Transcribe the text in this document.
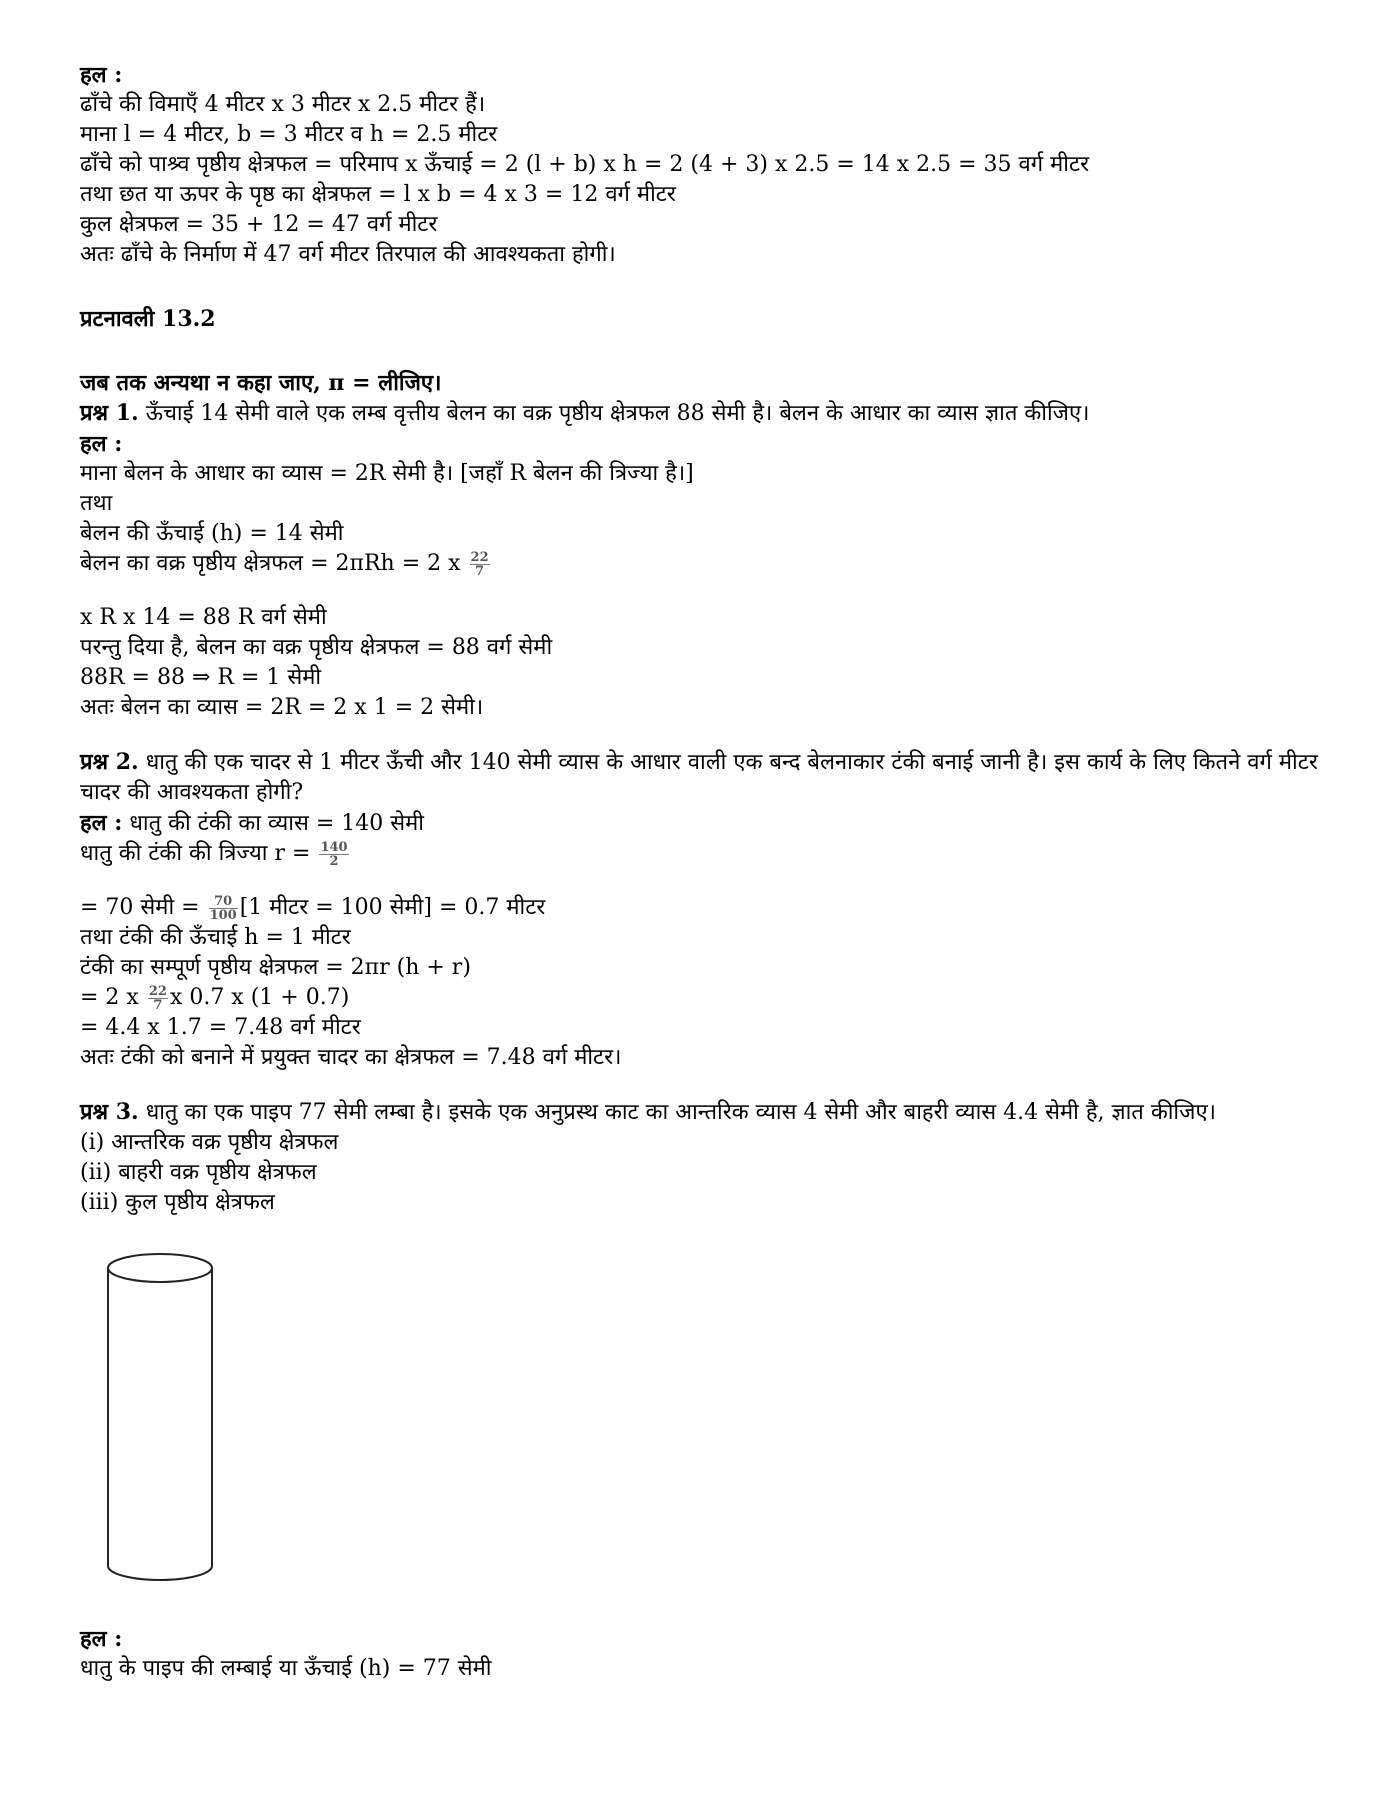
हल :
ढाँचे की विमाएँ 4 मीटर x 3 मीटर x 2.5 मीटर हैं।
माना l = 4 मीटर, b = 3 मीटर व h = 2.5 मीटर
ढाँचे को पाश्र्व पृष्ठीय क्षेत्रफल = परिमाप x ऊँचाई = 2 (l + b) x h = 2 (4 + 3) x 2.5 = 14 x 2.5 = 35 वर्ग मीटर
तथा छत या ऊपर के पृष्ठ का क्षेत्रफल = l x b = 4 x 3 = 12 वर्ग मीटर
कुल क्षेत्रफल = 35 + 12 = 47 वर्ग मीटर
अतः ढाँचे के निर्माण में 47 वर्ग मीटर तिरपाल की आवश्यकता होगी।
प्रटनावली 13.2
जब तक अन्यथा न कहा जाए, π = लीजिए।
प्रश्न 1. ऊँचाई 14 सेमी वाले एक लम्ब वृत्तीय बेलन का वक्र पृष्ठीय क्षेत्रफल 88 सेमी है। बेलन के आधार का व्यास ज्ञात कीजिए।
हल :
माना बेलन के आधार का व्यास = 2R सेमी है। [जहाँ R बेलन की त्रिज्या है।]
तथा
बेलन की ऊँचाई (h) = 14 सेमी
बेलन का वक्र पृष्ठीय क्षेत्रफल = 2πRh = 2 x $\frac{22}{7}$
x R x 14 = 88 R वर्ग सेमी
परन्तु दिया है, बेलन का वक्र पृष्ठीय क्षेत्रफल = 88 वर्ग सेमी
88R = 88 ⇒ R = 1 सेमी
अतः बेलन का व्यास = 2R = 2 x 1 = 2 सेमी।
प्रश्न 2. धातु की एक चादर से 1 मीटर ऊँची और 140 सेमी व्यास के आधार वाली एक बन्द बेलनाकार टंकी बनाई जानी है। इस कार्य के लिए कितने वर्ग मीटर चादर की आवश्यकता होगी?
हल : धातु की टंकी का व्यास = 140 सेमी
धातु की टंकी की त्रिज्या $r = \frac{140}{2}$
= 70 सेमी = $\frac{70}{100} [1$ मीटर = 100 सेमी] = 0.7 मीटर
तथा टंकी की ऊँचाई h = 1 मीटर
टंकी का सम्पूर्ण पृष्ठीय क्षेत्रफल = 2πr (h + r)
= 2 x $\frac{22}{7}$ x 0.7 x (1 + 0.7)
= 4.4 x 1.7 = 7.48 वर्ग मीटर
अतः टंकी को बनाने में प्रयुक्त चादर का क्षेत्रफल = 7.48 वर्ग मीटर।
प्रश्न 3. धातु का एक पाइप 77 सेमी लम्बा है। इसके एक अनुप्रस्थ काट का आन्तरिक व्यास 4 सेमी और बाहरी व्यास 4.4 सेमी है, ज्ञात कीजिए।
(i) आन्तरिक वक्र पृष्ठीय क्षेत्रफल
(ii) बाहरी वक्र पृष्ठीय क्षेत्रफल
(iii) कुल पृष्ठीय क्षेत्रफल
हल :
धातु के पाइप की लम्बाई या ऊँचाई (h) = 77 सेमी
